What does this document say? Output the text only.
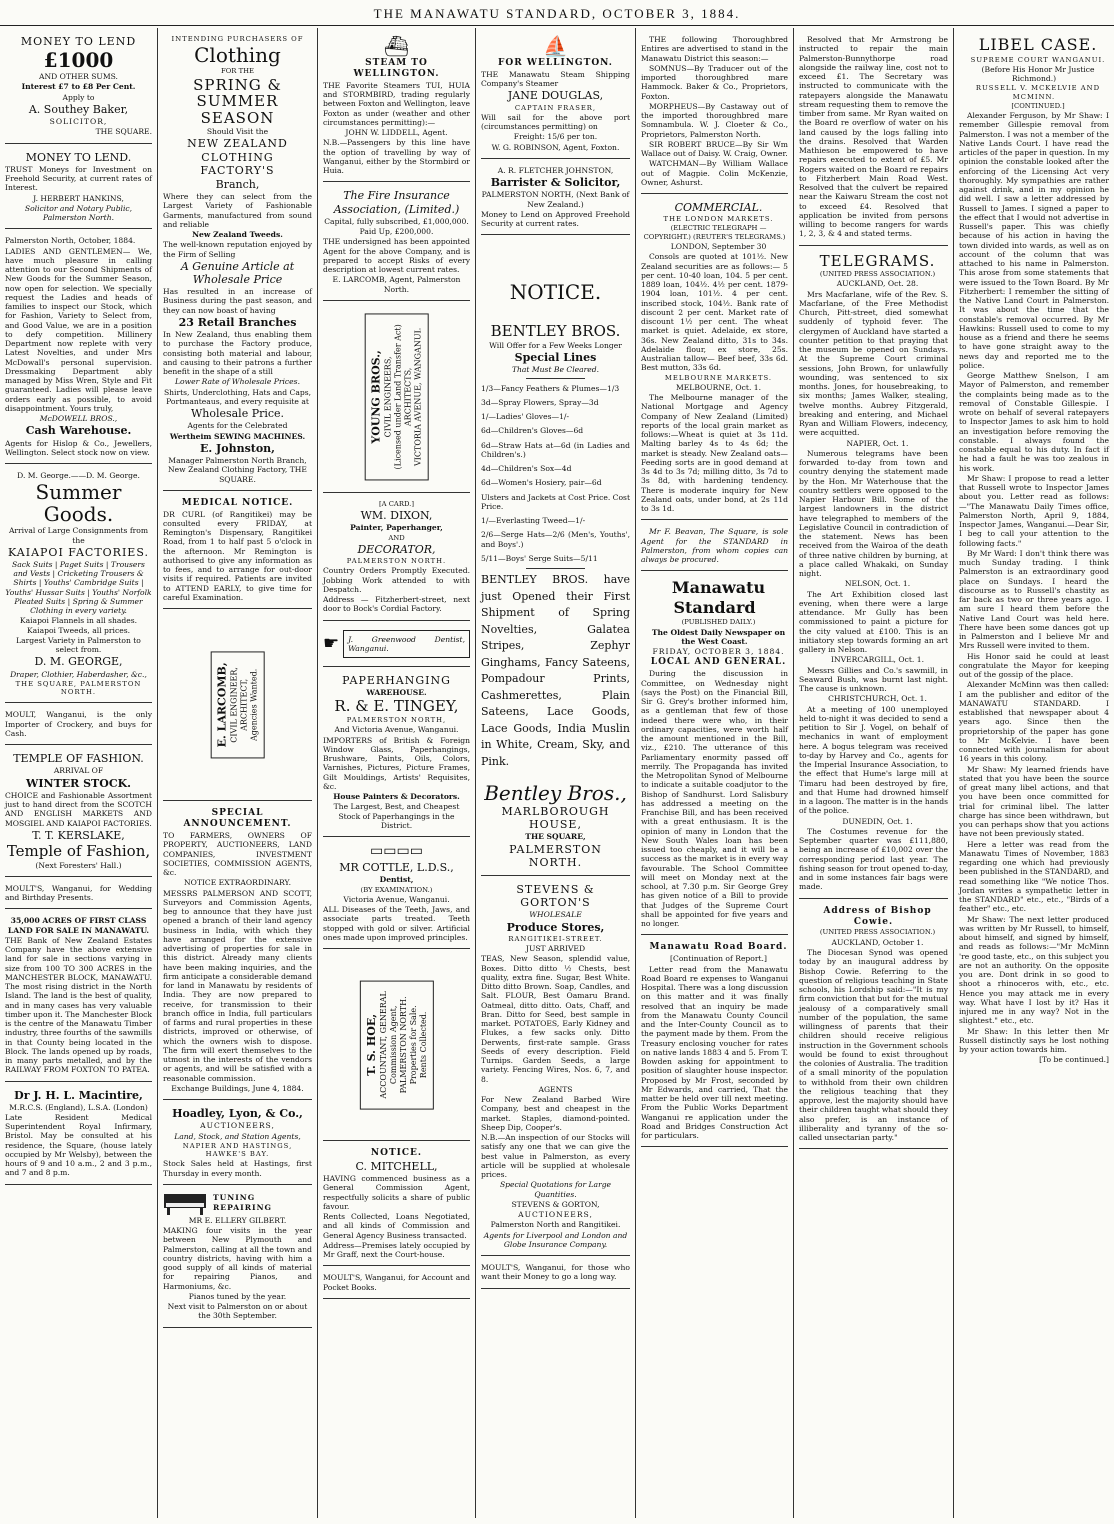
THE MANAWATU STANDARD, OCTOBER 3, 1884.

MONEY TO LEND

£1000

AND OTHER SUMS.

Interest £7 to £8 Per Cent.

Apply to

A. Southey Baker,

SOLICITOR,

THE SQUARE.

MONEY TO LEND.

TRUST Moneys for Investment on Freehold Security, at current rates of Interest.

J. HERBERT HANKINS,

Solicitor and Notary Public, Palmerston North.

Palmerston North, October, 1884.

LADIES AND GENTLEMEN— We, have much pleasure in calling attention to our Second Shipments of New Goods for the Summer Season, now open for selection. We specially request the Ladies and heads of families to inspect our Stock, which for Fashion, Variety to Select from, and Good Value, we are in a position to defy competition. Millinery Department now replete with very Latest Novelties, and under Mrs McDowall's personal supervision. Dressmaking Department ably managed by Miss Wren, Style and Fit guaranteed. Ladies will please leave orders early as possible, to avoid disappointment. Yours truly,

McDOWELL BROS.,

Cash Warehouse.

Agents for Hislop & Co., Jewellers, Wellington. Select stock now on view.

D. M. George.——D. M. George.

Summer Goods.

Arrival of Large Consignments from the

KAIAPOI FACTORIES.

Sack Suits | Paget Suits | Trousers and Vests | Cricketing Trousers & Shirts | Youths' Cambridge Suits | Youths' Hussar Suits | Youths' Norfolk Pleated Suits | Spring & Summer Clothing in every variety.

Kaiapoi Flannels in all shades. Kaiapoi Tweeds, all prices.

Largest Variety in Palmerston to select from.

D. M. GEORGE,

Draper, Clothier, Haberdasher, &c.,

THE SQUARE, PALMERSTON NORTH.

MOULT, Wanganui, is the only Importer of Crockery, and buys for Cash.

TEMPLE OF FASHION.

ARRIVAL OF

WINTER STOCK.

CHOICE and Fashionable Assortment just to hand direct from the SCOTCH AND ENGLISH MARKETS AND MOSGIEL AND KAIAPOI FACTORIES.

T. T. KERSLAKE,

Temple of Fashion,

(Next Foresters' Hall.)

MOULT'S, Wanganui, for Wedding and Birthday Presents.

35,000 ACRES OF FIRST CLASS LAND FOR SALE IN MANAWATU.

THE Bank of New Zealand Estates Company have the above extensive land for sale in sections varying in size from 100 TO 300 ACRES in the MANCHESTER BLOCK, MANAWATU. The most rising district in the North Island. The land is the best of quality, and in many cases has very valuable timber upon it. The Manchester Block is the centre of the Manawatu Timber industry, three fourths of the sawmills in that County being located in the Block. The lands opened up by roads, in many parts metalled, and by the RAILWAY FROM FOXTON TO PATEA.

Dr J. H. L. Macintire,

M.R.C.S. (England), L.S.A. (London)

Late Resident Medical Superintendent Royal Infirmary, Bristol. May be consulted at his residence, the Square, (house lately occupied by Mr Welsby), between the hours of 9 and 10 a.m., 2 and 3 p.m., and 7 and 8 p.m.

INTENDING PURCHASERS OF

Clothing

FOR THE

SPRING & SUMMER SEASON

Should Visit the

NEW ZEALAND CLOTHING FACTORY'S

Branch,

Where they can select from the Largest Variety of Fashionable Garments, manufactured from sound and reliable

New Zealand Tweeds.

The well-known reputation enjoyed by the Firm of Selling

A Genuine Article at Wholesale Price

Has resulted in an increase of Business during the past season, and they can now boast of having

23 Retail Branches

In New Zealand, thus enabling them to purchase the Factory produce, consisting both material and labour, and causing to their patrons a further benefit in the shape of a still

Lower Rate of Wholesale Prices.

Shirts, Underclothing, Hats and Caps, Portmanteaus, and every requisite at

Wholesale Price.

Agents for the Celebrated

Wertheim SEWING MACHINES.

E. Johnston,

Manager Palmerston North Branch, New Zealand Clothing Factory, THE SQUARE.

MEDICAL NOTICE.

DR CURL (of Rangitikei) may be consulted every FRIDAY, at Remington's Dispensary, Rangitikei Road, from 1 to half past 5 o'clock in the afternoon. Mr Remington is authorised to give any information as to fees, and to arrange for out-door visits if required. Patients are invited to ATTEND EARLY, to give time for careful Examination.

E. LARCOMB,
CIVIL ENGINEER,
ARCHITECT,
Agencies Wanted.

SPECIAL ANNOUNCEMENT.

TO FARMERS, OWNERS OF PROPERTY, AUCTIONEERS, LAND COMPANIES, INVESTMENT SOCIETIES, COMMISSION AGENTS, &c.

NOTICE EXTRAORDINARY.

MESSRS PALMERSON AND SCOTT, Surveyors and Commission Agents, beg to announce that they have just opened a branch of their land agency business in India, with which they have arranged for the extensive advertising of properties for sale in this district. Already many clients have been making inquiries, and the firm anticipate a considerable demand for land in Manawatu by residents of India. They are now prepared to receive, for transmission to their branch office in India, full particulars of farms and rural properties in these districts, improved or otherwise, of which the owners wish to dispose. The firm will exert themselves to the utmost in the interests of the vendors or agents, and will be satisfied with a reasonable commission.

Exchange Buildings, June 4, 1884.

Hoadley, Lyon, & Co.,

AUCTIONEERS,

Land, Stock, and Station Agents,

NAPIER AND HASTINGS, HAWKE'S BAY.

Stock Sales held at Hastings, first Thursday in every month.

TUNING

REPAIRING

MR E. ELLERY GILBERT.

MAKING four visits in the year between New Plymouth and Palmerston, calling at all the town and country districts, having with him a good supply of all kinds of material for repairing Pianos, and Harmoniums, &c.

Pianos tuned by the year.

Next visit to Palmerston on or about the 30th September.

⛴

STEAM TO WELLINGTON.

THE Favorite Steamers TUI, HUIA and STORMBIRD, trading regularly between Foxton and Wellington, leave Foxton as under (weather and other circumstances permitting):—

JOHN W. LIDDELL, Agent.

N.B.—Passengers by this line have the option of travelling by way of Wanganui, either by the Stormbird or Huia.

The Fire Insurance Association, (Limited.)

Capital, fully subscribed, £1,000,000.

Paid Up, £200,000.

THE undersigned has been appointed Agent for the above Company, and is prepared to accept Risks of every description at lowest current rates.

E. LARCOMB, Agent, Palmerston North.

YOUNG BROS.,
CIVIL ENGINEERS,
(Licensed under Land Transfer Act)
ARCHITECTS,
VICTORIA AVENUE, WANGANUI.

[A CARD.]

WM. DIXON,

Painter, Paperhanger,

AND

DECORATOR,

PALMERSTON NORTH.

Country Orders Promptly Executed. Jobbing Work attended to with Despatch.

Address — Fitzherbert-street, next door to Bock's Cordial Factory.

☛	J. Greenwood Dentist, Wanganui.

PAPERHANGING

WAREHOUSE.

R. & E. TINGEY,

PALMERSTON NORTH,

And Victoria Avenue, Wanganui.

IMPORTERS of British & Foreign Window Glass, Paperhangings, Brushware, Paints, Oils, Colors, Varnishes, Pictures, Picture Frames, Gilt Mouldings, Artists' Requisites, &c.

House Painters & Decorators.

The Largest, Best, and Cheapest Stock of Paperhangings in the District.

▭▭▭▭

MR COTTLE, L.D.S.,

Dentist,

(BY EXAMINATION.)

Victoria Avenue, Wanganui.

ALL Diseases of the Teeth, Jaws, and associate parts treated. Teeth stopped with gold or silver. Artificial ones made upon improved principles.

T. S. HOE,
ACCOUNTANT, GENERAL
Commission Agent,
PALMERSTON NORTH.
Properties for Sale.
Rents Collected.

NOTICE.

C. MITCHELL,

HAVING commenced business as a General Commission Agent, respectfully solicits a share of public favour.

Rents Collected, Loans Negotiated, and all kinds of Commission and General Agency Business transacted.

Address—Premises lately occupied by Mr Graff, next the Court-house.

MOULT'S, Wanganui, for Account and Pocket Books.

⛵

FOR WELLINGTON.

THE Manawatu Steam Shipping Company's Steamer

JANE DOUGLAS,

CAPTAIN FRASER,

Will sail for the above port (circumstances permitting) on

Freight: 15/6 per ton.

W. G. ROBINSON, Agent, Foxton.

A. R. FLETCHER JOHNSTON,

Barrister & Solicitor,

PALMERSTON NORTH, (Next Bank of New Zealand.)

Money to Lend on Approved Freehold Security at current rates.

NOTICE.

BENTLEY BROS.

Will Offer for a Few Weeks Longer

Special Lines

That Must Be Cleared.

1/3—Fancy Feathers & Plumes—1/3

3d—Spray Flowers, Spray—3d

1/—Ladies' Gloves—1/-

6d—Children's Gloves—6d

6d—Straw Hats at—6d (in Ladies and Children's.)

4d—Children's Sox—4d

6d—Women's Hosiery, pair—6d

Ulsters and Jackets at Cost Price. Cost Price.

1/—Everlasting Tweed—1/-

2/6—Serge Hats—2/6 (Men's, Youths', and Boys'.)

5/11—Boys' Serge Suits—5/11

BENTLEY BROS. have just Opened their First Shipment of Spring Novelties, Galatea Stripes, Zephyr Ginghams, Fancy Sateens, Pompadour Prints, Cashmerettes, Plain Sateens, Lace Goods, Lace Goods, India Muslin in White, Cream, Sky, and Pink.

Bentley Bros.,

MARLBOROUGH HOUSE,

THE SQUARE,

PALMERSTON NORTH.

STEVENS & GORTON'S

WHOLESALE

Produce Stores,

RANGITIKEI-STREET.

JUST ARRIVED

TEAS, New Season, splendid value, Boxes. Ditto ditto ½ Chests, best quality, extra fine. Sugar, Best White. Ditto ditto Brown. Soap, Candles, and Salt. FLOUR, Best Oamaru Brand. Oatmeal, ditto ditto. Oats, Chaff, and Bran. Ditto for Seed, best sample in market. POTATOES, Early Kidney and Flukes, a few sacks only. Ditto Derwents, first-rate sample. Grass Seeds of every description. Field Turnips. Garden Seeds, a large variety. Fencing Wires, Nos. 6, 7, and 8.

AGENTS

For New Zealand Barbed Wire Company, best and cheapest in the market. Staples, diamond-pointed. Sheep Dip, Cooper's.

N.B.—An inspection of our Stocks will satisfy any one that we can give the best value in Palmerston, as every article will be supplied at wholesale prices.

Special Quotations for Large Quantities.

STEVENS & GORTON,

AUCTIONEERS,

Palmerston North and Rangitikei.

Agents for Liverpool and London and Globe Insurance Company.

MOULT'S, Wanganui, for those who want their Money to go a long way.

THE following Thoroughbred Entires are advertised to stand in the Manawatu District this season:—

SOMNUS—By Traducer out of the imported thoroughbred mare Hammock. Baker & Co., Proprietors, Foxton.

MORPHEUS—By Castaway out of the imported thoroughbred mare Somnambula. W. J. Cloeter & Co., Proprietors, Palmerston North.

SIR ROBERT BRUCE—By Sir Wm Wallace out of Daisy. W. Craig, Owner.

WATCHMAN—By William Wallace out of Magpie. Colin McKenzie, Owner, Ashurst.

COMMERCIAL.

THE LONDON MARKETS.

(ELECTRIC TELEGRAPH — COPYRIGHT.) (REUTER'S TELEGRAMS.)

LONDON, September 30

Consols are quoted at 101½. New Zealand securities are as follows:— 5 per cent. 10-40 loan, 104. 5 per cent. 1889 loan, 104½. 4½ per cent. 1879-1904 loan, 101½. 4 per cent. inscribed stock, 104½. Bank rate of discount 2 per cent. Market rate of discount 1½ per cent. The wheat market is quiet. Adelaide, ex store, 36s. New Zealand ditto, 31s to 34s. Adelaide flour, ex store, 25s. Australian tallow— Beef beef, 33s 6d. Best mutton, 33s 6d.

MELBOURNE MARKETS.

MELBOURNE, Oct. 1.

The Melbourne manager of the National Mortgage and Agency Company of New Zealand (Limited) reports of the local grain market as follows:—Wheat is quiet at 3s 11d. Malting barley 4s to 4s 6d; the market is steady. New Zealand oats—Feeding sorts are in good demand at 3s 4d to 3s 7d; milling ditto, 3s 7d to 3s 8d, with hardening tendency. There is moderate inquiry for New Zealand oats, under bond, at 2s 11d to 3s 1d.

Mr F. Beavan, The Square, is sole Agent for the STANDARD in Palmerston, from whom copies can always be procured.

Manawatu Standard

(PUBLISHED DAILY.)

The Oldest Daily Newspaper on the West Coast.

FRIDAY, OCTOBER 3, 1884.

LOCAL AND GENERAL.

During the discussion in Committee, on Wednesday night (says the Post) on the Financial Bill, Sir G. Grey's brother informed him, as a gentleman that few of those indeed there were who, in their ordinary capacities, were worth half the amount mentioned in the Bill, viz., £210. The utterance of this Parliamentary enormity passed off merrily. The Propaganda has invited the Metropolitan Synod of Melbourne to indicate a suitable coadjutor to the Bishop of Sandhurst. Lord Salisbury has addressed a meeting on the Franchise Bill, and has been received with a great enthusiasm. It is the opinion of many in London that the New South Wales loan has been issued too cheaply, and it will be a success as the market is in every way favourable. The School Committee will meet on Monday next at the school, at 7.30 p.m. Sir George Grey has given notice of a Bill to provide that Judges of the Supreme Court shall be appointed for five years and no longer.

Manawatu Road Board.

[Continuation of Report.]

Letter read from the Manawatu Road Board re expenses to Wanganui Hospital. There was a long discussion on this matter and it was finally resolved that an inquiry be made from the Manawatu County Council and the Inter-County Council as to the payment made by them. From the Treasury enclosing voucher for rates on native lands 1883 4 and 5. From T. Bowden asking for appointment to position of slaughter house inspector. Proposed by Mr Frost, seconded by Mr Edwards, and carried, That the matter be held over till next meeting. From the Public Works Department Wanganui re application under the Road and Bridges Construction Act for particulars.

Resolved that Mr Armstrong be instructed to repair the main Palmerston-Bunnythorpe road alongside the railway line, cost not to exceed £1. The Secretary was instructed to communicate with the ratepayers alongside the Manawatu stream requesting them to remove the timber from same. Mr Ryan waited on the Board re overflow of water on his land caused by the logs falling into the drains. Resolved that Warden Mathieson be empowered to have repairs executed to extent of £5. Mr Rogers waited on the Board re repairs to Fitzherbert Main Road West. Resolved that the culvert be repaired near the Kaiwaru Stream the cost not to exceed £4. Resolved that application be invited from persons willing to become rangers for wards 1, 2, 3, & 4 and stated terms.

TELEGRAMS.

(UNITED PRESS ASSOCIATION.)

AUCKLAND, Oct. 28.

Mrs Macfarlane, wife of the Rev. S. Macfarlane, of the Free Methodist Church, Pitt-street, died somewhat suddenly of typhoid fever. The clergymen of Auckland have started a counter petition to that praying that the museum be opened on Sundays. At the Supreme Court criminal sessions, John Brown, for unlawfully wounding, was sentenced to six months. Jones, for housebreaking, to six months; James Walker, stealing, twelve months. Aubrey Fitzgerald, breaking and entering, and Michael Ryan and William Flowers, indecency, were acquitted.

NAPIER, Oct. 1.

Numerous telegrams have been forwarded to-day from town and country denying the statement made by the Hon. Mr Waterhouse that the country settlers were opposed to the Napier Harbour Bill. Some of the largest landowners in the district have telegraphed to members of the Legislative Council in contradiction of the statement. News has been received from the Wairoa of the death of three native children by burning, at a place called Whakaki, on Sunday night.

NELSON, Oct. 1.

The Art Exhibition closed last evening, when there were a large attendance. Mr Gully has been commissioned to paint a picture for the city valued at £100. This is an initiatory step towards forming an art gallery in Nelson.

INVERCARGILL, Oct. 1.

Messrs Gillies and Co.'s sawmill, in Seaward Bush, was burnt last night. The cause is unknown.

CHRISTCHURCH, Oct. 1.

At a meeting of 100 unemployed held to-night it was decided to send a petition to Sir J. Vogel, on behalf of mechanics in want of employment here. A bogus telegram was received to-day by Harvey and Co., agents for the Imperial Insurance Association, to the effect that Hume's large mill at Timaru had been destroyed by fire, and that Hume had drowned himself in a lagoon. The matter is in the hands of the police.

DUNEDIN, Oct. 1.

The Costumes revenue for the September quarter was £111,880, being an increase of £10,002 over the corresponding period last year. The fishing season for trout opened to-day, and in some instances fair bags were made.

Address of Bishop Cowie.

(UNITED PRESS ASSOCIATION.)

AUCKLAND, October 1.

The Diocesan Synod was opened today by an inaugural address by Bishop Cowie. Referring to the question of religious teaching in State schools, his Lordship said:—"It is my firm conviction that but for the mutual jealousy of a comparatively small number of the population, the same willingness of parents that their children should receive religious instruction in the Government schools would be found to exist throughout the colonies of Australia. The tradition of a small minority of the population to withhold from their own children the religious teaching that they approve, lest the majority should have their children taught what should they also prefer, is an instance of illiberality and tyranny of the so-called unsectarian party."

LIBEL CASE.

SUPREME COURT WANGANUI.

(Before His Honor Mr Justice Richmond.)

RUSSELL V. MCKELVIE AND MCMINN.

[CONTINUED.]

Alexander Ferguson, by Mr Shaw: I remember Gillespie removal from Palmerston. I was not a member of the Native Lands Court. I have read the articles of the paper in question. In my opinion the constable looked after the enforcing of the Licensing Act very thoroughly. My sympathies are rather against drink, and in my opinion he did well. I saw a letter addressed by Russell to James. I signed a paper to the effect that I would not advertise in Russell's paper. This was chiefly because of his action in having the town divided into wards, as well as on account of the column that was attached to his name in Palmerston. This arose from some statements that were issued to the Town Board. By Mr Fitzherbert: I remember the sitting of the Native Land Court in Palmerston. It was about the time that the constable's removal occurred. By Mr Hawkins: Russell used to come to my house as a friend and there he seems to have gone straight away to the news day and reported me to the police.

George Matthew Snelson, I am Mayor of Palmerston, and remember the complaints being made as to the removal of Constable Gillespie. I wrote on behalf of several ratepayers to Inspector James to ask him to hold an investigation before removing the constable. I always found the constable equal to his duty. In fact if he had a fault he was too zealous in his work.

Mr Shaw: I propose to read a letter that Russell wrote to Inspector James about you. Letter read as follows:—"The Manawatu Daily Times office, Palmerston North, April 9, 1884, Inspector James, Wanganui.—Dear Sir, I beg to call your attention to the following facts."

By Mr Ward: I don't think there was much Sunday trading. I think Palmerston is an extraordinary good place on Sundays. I heard the discourse as to Russell's chastity as far back as two or three years ago. I am sure I heard them before the Native Land Court was held here. There have been some dances got up in Palmerston and I believe Mr and Mrs Russell were invited to them.

His Honor said he could at least congratulate the Mayor for keeping out of the gossip of the place.

Alexander McMinn was then called: I am the publisher and editor of the MANAWATU STANDARD. I established that newspaper about 4 years ago. Since then the proprietorship of the paper has gone to Mr McKelvie. I have been connected with journalism for about 16 years in this colony.

Mr Shaw: My learned friends have stated that you have been the source of great many libel actions, and that you have been once committed for trial for criminal libel. The latter charge has since been withdrawn, but you can perhaps show that you actions have not been previously stated.

Here a letter was read from the Manawatu Times of November, 1883 regarding one which had previously been published in the STANDARD, and read something like "We notice Thos. Jordan writes a sympathetic letter in the STANDARD" etc., etc., "Birds of a feather" etc., etc.

Mr Shaw: The next letter produced was written by Mr Russell, to himself, about himself, and signed by himself, and reads as follows:—"Mr McMinn 're good taste, etc., on this subject you are not an authority. On the opposite you are. Dont drink in so good to shoot a rhinoceros with, etc., etc. Hence you may attack me in every way. What have I lost by it? Has it injured me in any way? Not in the slightest." etc., etc.

Mr Shaw: In this letter then Mr Russell distinctly says he lost nothing by your action towards him.

[To be continued.]
